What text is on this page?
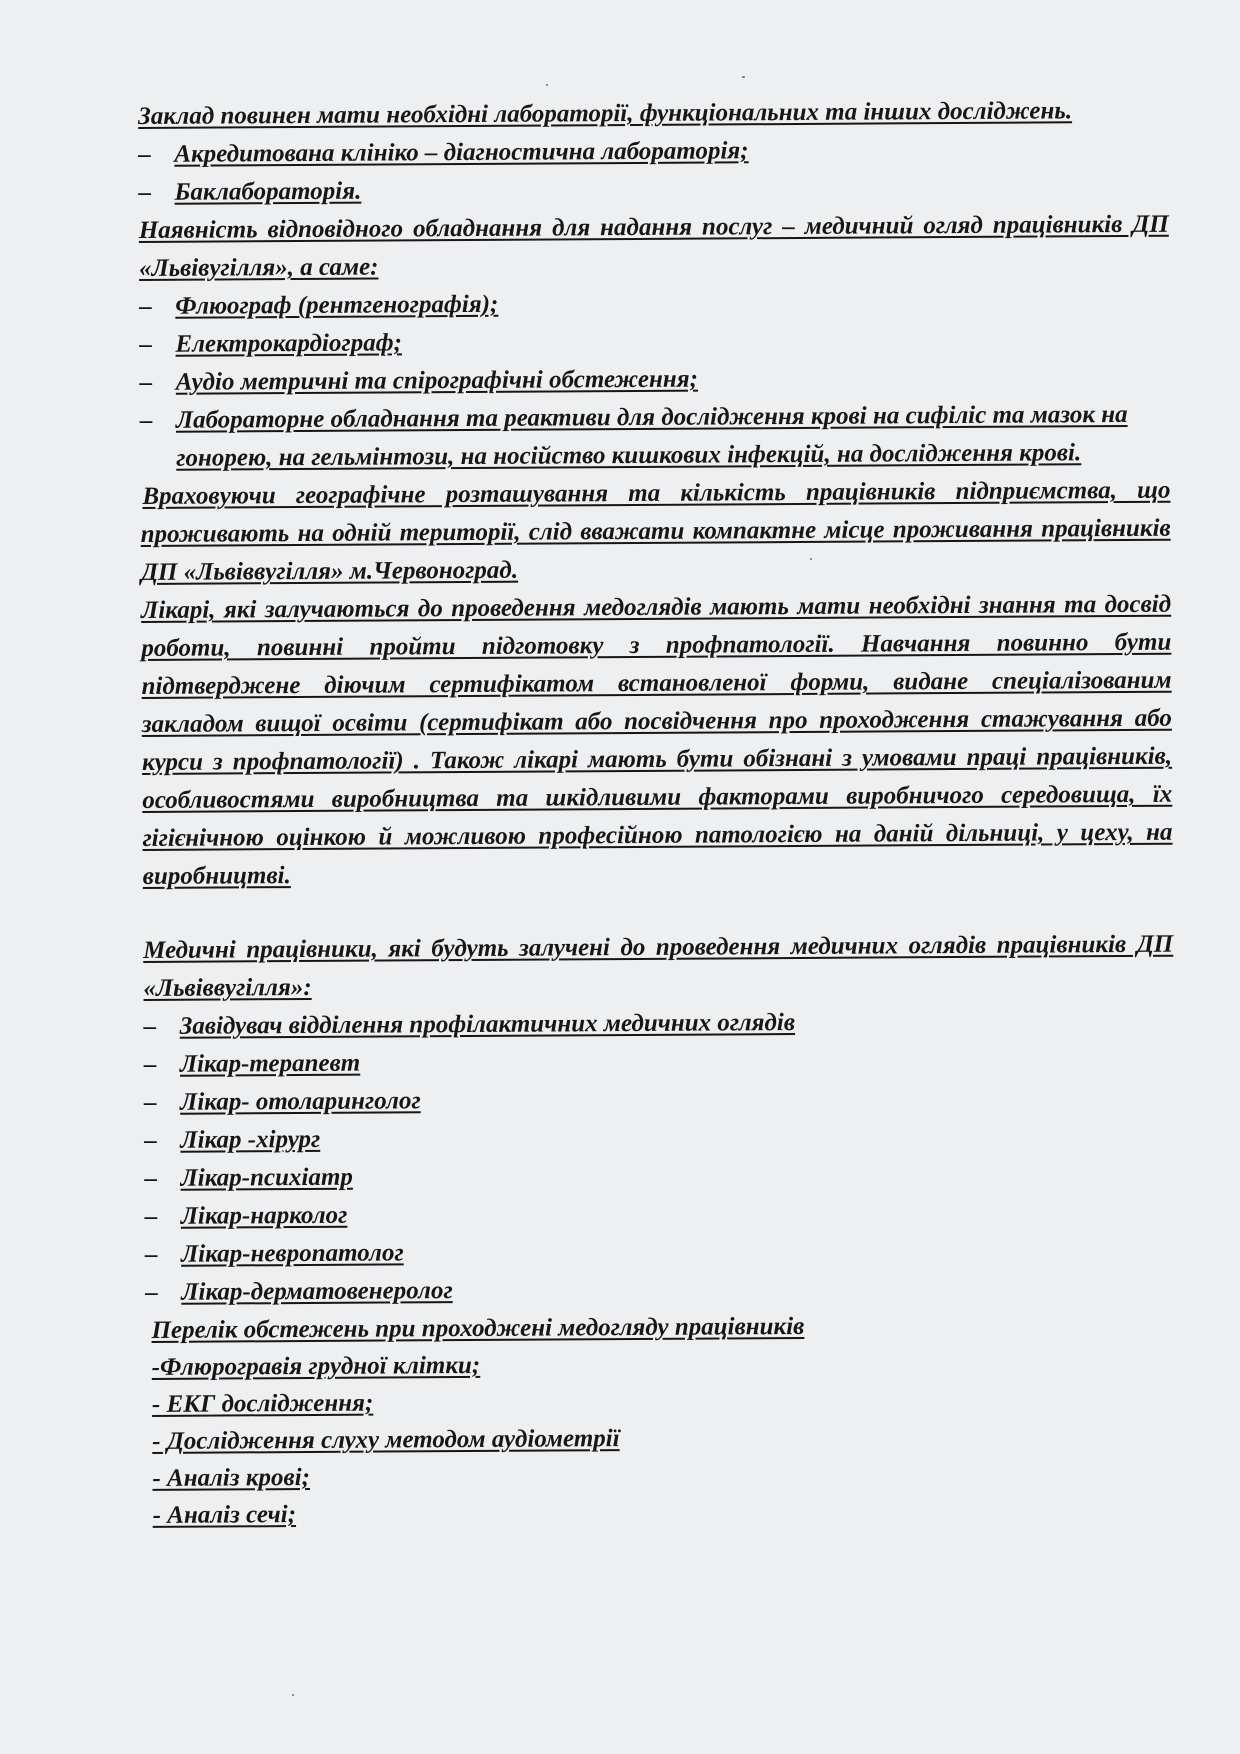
Заклад повинен мати необхідні лабораторії, функціональних та інших досліджень.

– Акредитована клініко – діагностична лабораторія;
– Баклабораторія.

Наявність відповідного обладнання для надання послуг – медичний огляд працівників ДП «Львівугілля», а саме:

– Флюограф (рентгенографія);
– Електрокардіограф;
– Аудіо метричні та спірографічні обстеження;
– Лабораторне обладнання та реактиви для дослідження крові на сифіліс та мазок на гонорею, на гельмінтози, на носійство кишкових інфекцій, на дослідження крові.

Враховуючи географічне розташування та кількість працівників підприємства, що проживають на одній території, слід вважати компактне місце проживання працівників ДП «Львіввугілля» м.Червоноград.

Лікарі, які залучаються до проведення медоглядів мають мати необхідні знання та досвід роботи, повинні пройти підготовку з профпатології. Навчання повинно бути підтверджене діючим сертифікатом встановленої форми, видане спеціалізованим закладом вищої освіти (сертифікат або посвідчення про проходження стажування або курси з профпатології) . Також лікарі мають бути обізнані з умовами праці працівників, особливостями виробництва та шкідливими факторами виробничого середовища, їх гігієнічною оцінкою й можливою професійною патологією на даній дільниці, у цеху, на виробництві.

Медичні працівники, які будуть залучені до проведення медичних оглядів працівників ДП «Львіввугілля»:

– Завідувач відділення профілактичних медичних оглядів
– Лікар-терапевт
– Лікар- отоларинголог
– Лікар -хірург
– Лікар-психіатр
– Лікар-нарколог
– Лікар-невропатолог
– Лікар-дерматовенеролог

Перелік обстежень при проходжені медогляду працівників

-Флюрогравія грудної клітки;

- ЕКГ дослідження;

- Дослідження слуху методом аудіометрії

- Аналіз крові;

- Аналіз сечі;
